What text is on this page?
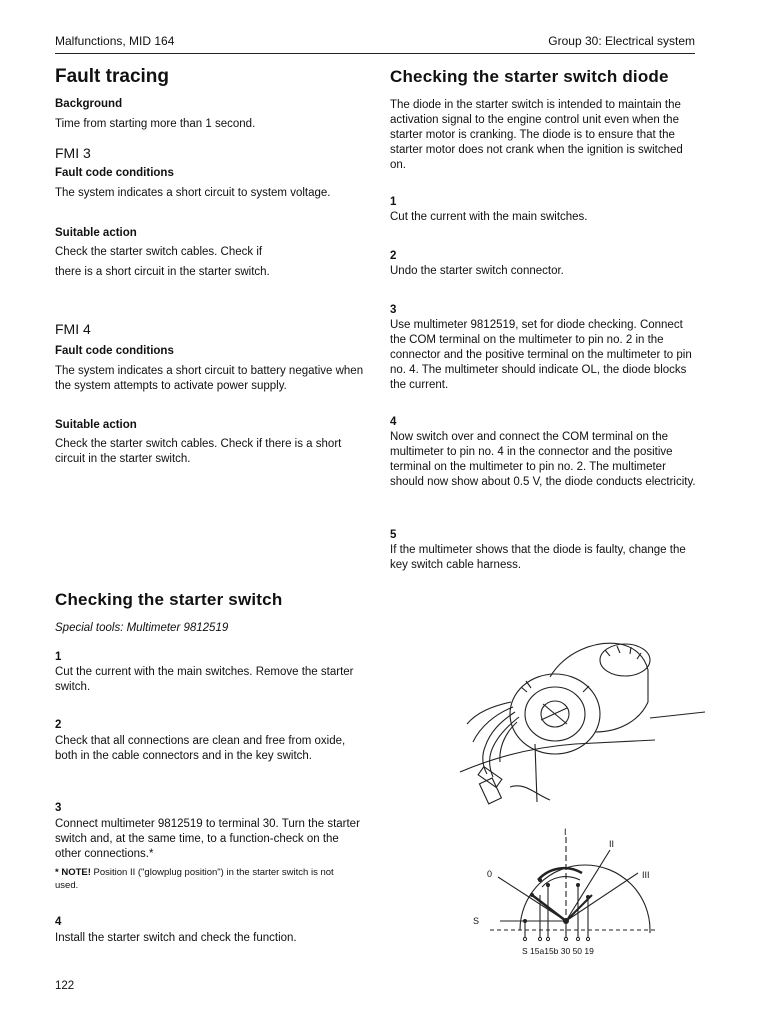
Malfunctions, MID 164	Group 30: Electrical system
Fault tracing
Background
Time from starting more than 1 second.
FMI 3
Fault code conditions
The system indicates a short circuit to system voltage.
Suitable action
Check the starter switch cables. Check if
there is a short circuit in the starter switch.
FMI 4
Fault code conditions
The system indicates a short circuit to battery negative when the system attempts to activate power supply.
Suitable action
Check the starter switch cables. Check if there is a short circuit in the starter switch.
Checking the starter switch
Special tools: Multimeter 9812519
1
Cut the current with the main switches. Remove the starter switch.
2
Check that all connections are clean and free from oxide, both in the cable connectors and in the key switch.
3
Connect multimeter 9812519 to terminal 30. Turn the starter switch and, at the same time, to a function-check on the other connections.*
* NOTE! Position II ("glowplug position") in the starter switch is not used.
4
Install the starter switch and check the function.
Checking the starter switch diode
The diode in the starter switch is intended to maintain the activation signal to the engine control unit even when the starter motor is cranking. The diode is to ensure that the starter motor does not crank when the ignition is switched on.
1
Cut the current with the main switches.
2
Undo the starter switch connector.
3
Use multimeter 9812519, set for diode checking. Connect the COM terminal on the multimeter to pin no. 2 in the connector and the positive terminal on the multimeter to pin no. 4. The multimeter should indicate OL, the diode blocks the current.
4
Now switch over and connect the COM terminal on the multimeter to pin no. 4 in the connector and the positive terminal on the multimeter to pin no. 2. The multimeter should now show about 0.5 V, the diode conducts electricity.
5
If the multimeter shows that the diode is faulty, change the key switch cable harness.
I
II
III
0
S
S 15a15b 30 50 19
122
